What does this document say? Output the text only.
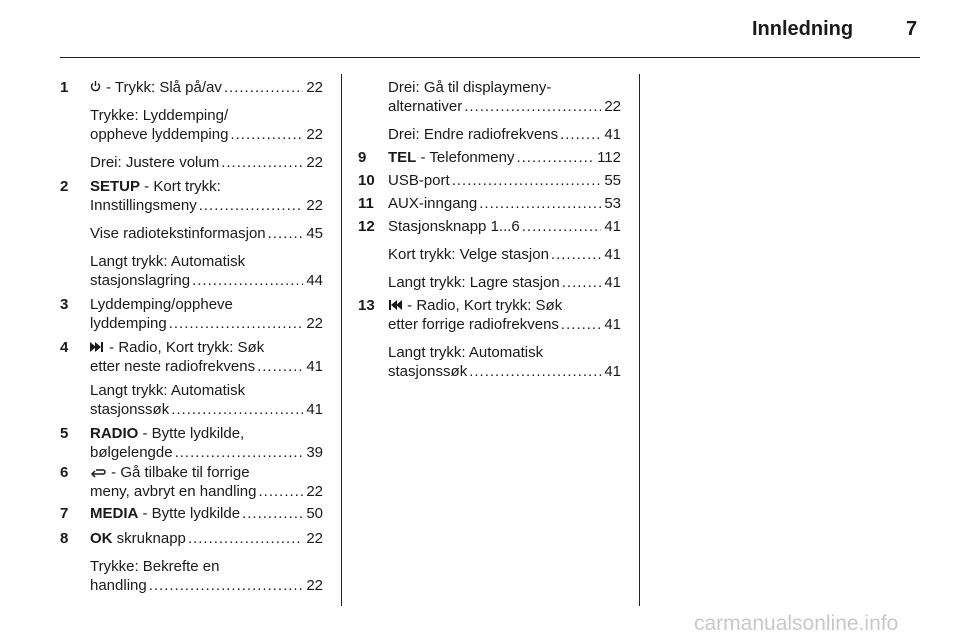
Innledning	7
1	- Trykk: Slå på/av .....	22
Trykke: Lyddemping/
oppheve lyddemping .....	22
Drei: Justere volum .....	22
2 SETUP - Kort trykk:
Innstillingsmeny .....	22
Vise radiotekstinformasjon .....	45
Langt trykk: Automatisk
stasjonslagring .....	44
3 Lyddemping/oppheve
lyddemping .....	22
4	- Radio, Kort trykk: Søk
etter neste radiofrekvens .....	41
Langt trykk: Automatisk
stasjonssøk .....	41
5 RADIO - Bytte lydkilde,
bølgelengde .....	39
6	- Gå tilbake til forrige
meny, avbryt en handling .....	22
7 MEDIA - Bytte lydkilde .....	50
8 OK skruknapp .....	22
Trykke: Bekrefte en
handling .....	22
Drei: Gå til displaymeny-
alternativer .....	22
Drei: Endre radiofrekvens .....	41
9 TEL - Telefonmeny .....	112
10 USB-port .....	55
11 AUX-inngang .....	53
12 Stasjonsknapp 1...6 .....	41
Kort trykk: Velge stasjon .....	41
Langt trykk: Lagre stasjon .....	41
13	- Radio, Kort trykk: Søk
etter forrige radiofrekvens .....	41
Langt trykk: Automatisk
stasjonssøk .....	41
carmanualsonline.info
